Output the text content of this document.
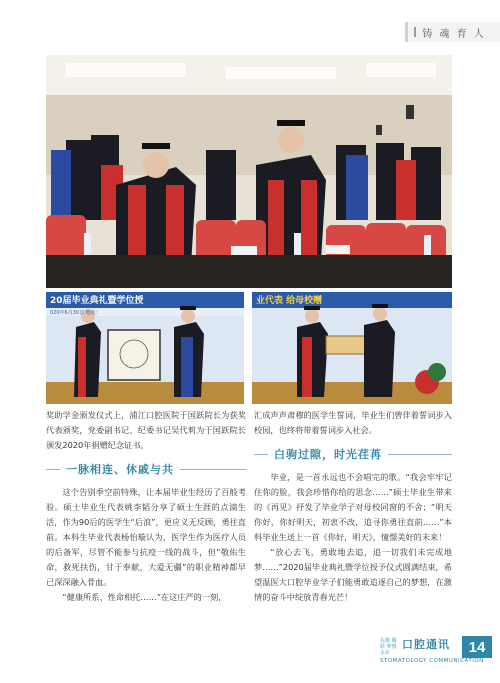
铸 魂 育 人
20届毕业典礼暨学位授
020年6月30日 地址：
业代表 给母校赠

奖助学金颁发仪式上，浦江口腔医院于国跃院长为获奖代表颁奖，党委副书记、纪委书记吴代莉为于国跃院长颁发2020年捐赠纪念证书。

一脉相连、休戚与共

这个告别季空前特殊，让本届毕业生经历了百般考验。硕士毕业生代表姚李韬分享了硕士生涯的点滴生活，作为90后的医学生“后浪”，更应义无反顾，勇往直前。本科生毕业代表杨怡璇认为，医学生作为医疗人员的后备军，尽管不能参与抗疫一线的战斗，但“敬佑生命，救死扶伤，甘于奉献，大爱无疆”的职业精神都早已深深融入骨血。

“健康所系、性命相托……”在这庄严的一刻，

汇成声声肃穆的医学生誓词，毕业生们曾伴着誓词步入校园，也终将带着誓词步入社会。

白驹过隙，时光荏苒

毕业，是一首永远也不会唱完的歌。“我会牢牢记住你的脸，我会珍惜你给的思念……”硕士毕业生带来的《再见》抒发了毕业学子对母校同窗的不舍；“明天你好，你好明天，初衷不改，追寻你勇往直前……”本科毕业生送上一首《你好，明天》，憧憬美好的未来！

“放心去飞，勇敢地去追，追一切我们未完成地梦……”2020届毕业典礼暨学位授予仪式圆满结束，希望温医大口腔毕业学子们能勇敢追逐自己的梦想，在激情的奋斗中绽放青春光芒！

在激 腾跃 梦想 永在
口腔通讯
STOMATOLOGY COMMUNICATION
14
